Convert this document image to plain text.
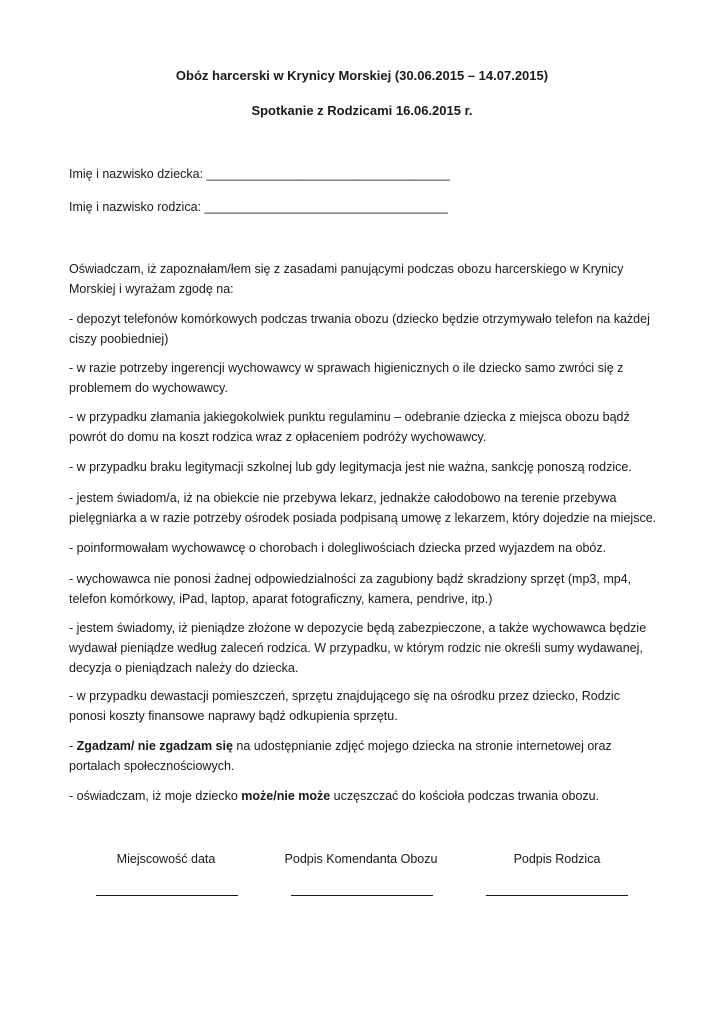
Obóz harcerski w Krynicy Morskiej (30.06.2015 – 14.07.2015)
Spotkanie z Rodzicami 16.06.2015 r.
Imię i nazwisko dziecka: ___________________________________
Imię i nazwisko rodzica: ___________________________________
Oświadczam, iż zapoznałam/łem się z zasadami panującymi podczas obozu harcerskiego w Krynicy Morskiej i wyrażam zgodę na:
- depozyt telefonów komórkowych podczas trwania obozu (dziecko będzie otrzymywało telefon na każdej ciszy poobiedniej)
- w razie potrzeby ingerencji wychowawcy w sprawach higienicznych o ile dziecko samo zwróci się z problemem do wychowawcy.
- w przypadku złamania jakiegokolwiek punktu regulaminu – odebranie dziecka z miejsca obozu bądź powrót do domu na koszt rodzica wraz z opłaceniem podróży wychowawcy.
- w przypadku braku legitymacji szkolnej lub gdy legitymacja jest nie ważna, sankcję ponoszą rodzice.
- jestem świadom/a, iż na obiekcie nie przebywa lekarz, jednakże całodobowo na terenie przebywa pielęgniarka a w razie potrzeby ośrodek posiada podpisaną umowę z lekarzem, który dojedzie na miejsce.
- poinformowałam wychowawcę o chorobach i dolegliwościach dziecka przed wyjazdem na obóz.
- wychowawca nie ponosi żadnej odpowiedzialności za zagubiony bądź skradziony sprzęt (mp3, mp4, telefon komórkowy, iPad, laptop, aparat fotograficzny, kamera, pendrive, itp.)
- jestem świadomy, iż pieniądze złożone w depozycie będą zabezpieczone, a także wychowawca będzie wydawał pieniądze według zaleceń rodzica. W przypadku, w którym rodzic nie określi sumy wydawanej, decyzja o pieniądzach należy do dziecka.
- w przypadku dewastacji pomieszczeń, sprzętu znajdującego się na ośrodku przez dziecko, Rodzic ponosi koszty finansowe naprawy bądź odkupienia sprzętu.
- Zgadzam/ nie zgadzam się na udostępnianie zdjęć mojego dziecka na stronie internetowej oraz portalach społecznościowych.
- oświadczam, iż moje dziecko może/nie może uczęszczać do kościoła podczas trwania obozu.
Miejscowość data	Podpis Komendanta Obozu	Podpis Rodzica
